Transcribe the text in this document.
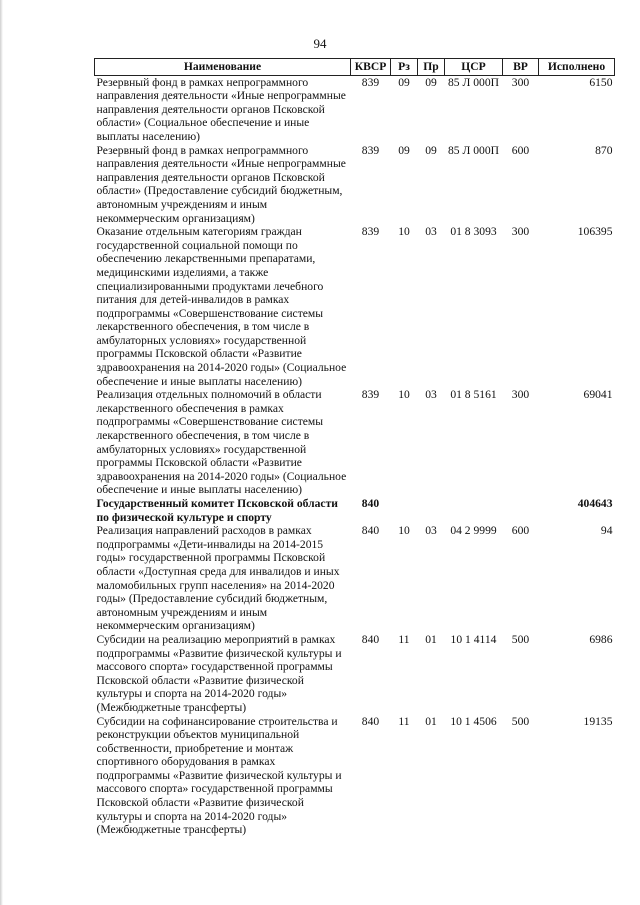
94
Наименование	КВСР	Рз	Пр	ЦСР	ВР	Исполнено
Резервный фонд в рамках непрограммного направления деятельности «Иные непрограммные направления деятельности органов Псковской области» (Социальное обеспечение и иные выплаты населению)	839	09	09	85 Л 000П	300	6150
Резервный фонд в рамках непрограммного направления деятельности «Иные непрограммные направления деятельности органов Псковской области» (Предоставление субсидий бюджетным, автономным учреждениям и иным некоммерческим организациям)	839	09	09	85 Л 000П	600	870
Оказание отдельным категориям граждан государственной социальной помощи по обеспечению лекарственными препаратами, медицинскими изделиями, а также специализированными продуктами лечебного питания для детей-инвалидов в рамках подпрограммы «Совершенствование системы лекарственного обеспечения, в том числе в амбулаторных условиях» государственной программы Псковской области «Развитие здравоохранения на 2014-2020 годы» (Социальное обеспечение и иные выплаты населению)	839	10	03	01 8 3093	300	106395
Реализация отдельных полномочий в области лекарственного обеспечения в рамках подпрограммы «Совершенствование системы лекарственного обеспечения, в том числе в амбулаторных условиях» государственной программы Псковской области «Развитие здравоохранения на 2014-2020 годы» (Социальное обеспечение и иные выплаты населению)	839	10	03	01 8 5161	300	69041
Государственный комитет Псковской области по физической культуре и спорту	840					404643
Реализация направлений расходов в рамках подпрограммы «Дети-инвалиды на 2014-2015 годы» государственной программы Псковской области «Доступная среда для инвалидов и иных маломобильных групп населения» на 2014-2020 годы» (Предоставление субсидий бюджетным, автономным учреждениям и иным некоммерческим организациям)	840	10	03	04 2 9999	600	94
Субсидии на реализацию мероприятий в рамках подпрограммы «Развитие физической культуры и массового спорта» государственной программы Псковской области «Развитие физической культуры и спорта на 2014-2020 годы» (Межбюджетные трансферты)	840	11	01	10 1 4114	500	6986
Субсидии на софинансирование строительства и реконструкции объектов муниципальной собственности, приобретение и монтаж спортивного оборудования в рамках подпрограммы «Развитие физической культуры и массового спорта» государственной программы Псковской области «Развитие физической культуры и спорта на 2014-2020 годы» (Межбюджетные трансферты)	840	11	01	10 1 4506	500	19135
